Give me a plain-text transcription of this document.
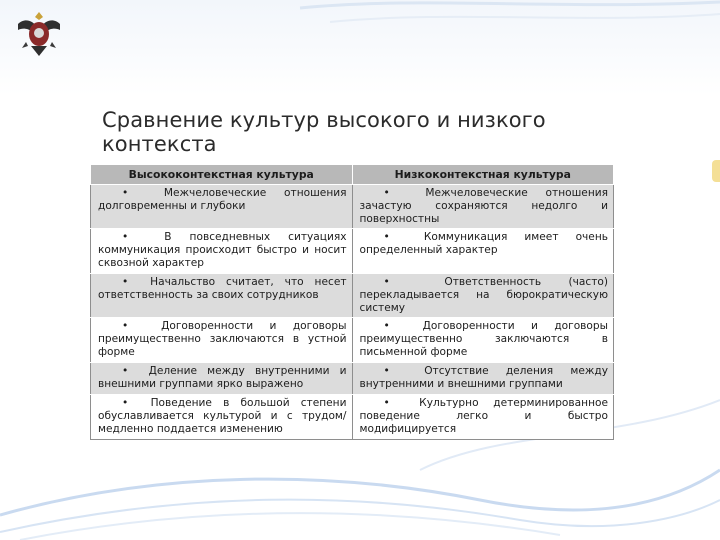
Сравнение культур высокого и низкого контекста
Высококонтекстная культура	Низкоконтекстная культура
•  Межчеловеческие отношения долговременны и глубоки	•  Межчеловеческие отношения зачастую сохраняются недолго и поверхностны
•  В повседневных ситуациях коммуникация происходит быстро и носит сквозной характер	•  Коммуникация имеет очень определенный характер
•  Начальство считает, что несет ответственность за своих сотрудников	•  Ответственность (часто) перекладывается на бюрократическую систему
•  Договоренности и договоры преимущественно заключаются в устной форме	•  Договоренности и договоры преимущественно заключаются в письменной форме
•  Деление между внутренними и внешними группами ярко выражено	•  Отсутствие деления между внутренними и внешними группами
•  Поведение в большой степени обуславливается культурой и с трудом/медленно поддается изменению	•  Культурно детерминированное поведение легко и быстро модифицируется
